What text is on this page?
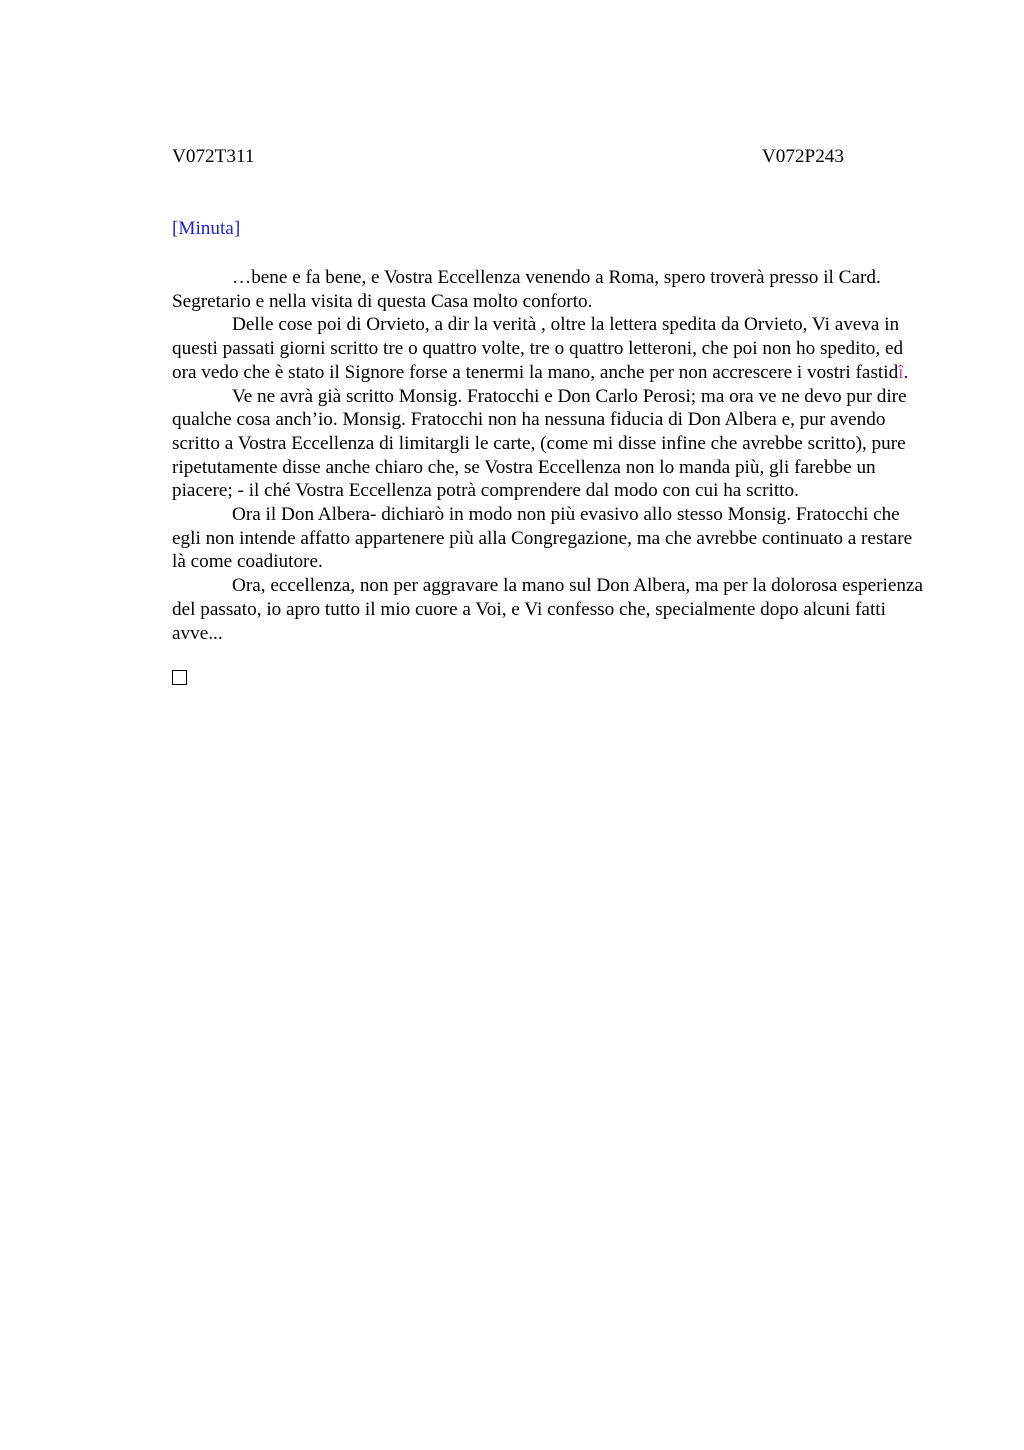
V072T311	V072P243
[Minuta]

…bene e fa bene, e Vostra Eccellenza venendo a Roma, spero troverà presso il Card. Segretario e nella visita di questa Casa molto conforto.

Delle cose poi di Orvieto, a dir la verità , oltre la lettera spedita da Orvieto, Vi aveva in questi passati giorni scritto tre o quattro volte, tre o quattro letteroni, che poi non ho spedito, ed ora vedo che è stato il Signore forse a tenermi la mano, anche per non accrescere i vostri fastidî.

Ve ne avrà già scritto Monsig. Fratocchi e Don Carlo Perosi; ma ora ve ne devo pur dire qualche cosa anch’io. Monsig. Fratocchi non ha nessuna fiducia di Don Albera e, pur avendo scritto a Vostra Eccellenza di limitargli le carte, (come mi disse infine che avrebbe scritto), pure ripetutamente disse anche chiaro che, se Vostra Eccellenza non lo manda più, gli farebbe un piacere; - il ché Vostra Eccellenza potrà comprendere dal modo con cui ha scritto.

Ora il Don Albera- dichiarò in modo non più evasivo allo stesso Monsig. Fratocchi che egli non intende affatto appartenere più alla Congregazione, ma che avrebbe continuato a restare là come coadiutore.

Ora, eccellenza, non per aggravare la mano sul Don Albera, ma per la dolorosa esperienza del passato, io apro tutto il mio cuore a Voi, e Vi confesso che, specialmente dopo alcuni fatti avve...
